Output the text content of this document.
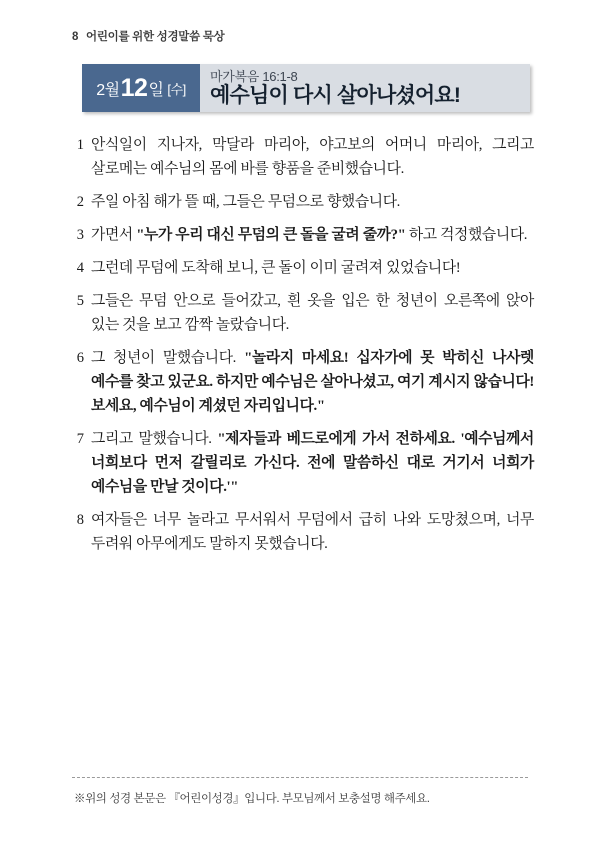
8 어린이를 위한 성경말씀 묵상
2월 12 일 [수]
마가복음 16:1-8
예수님이 다시 살아나셨어요!
1 안식일이 지나자, 막달라 마리아, 야고보의 어머니 마리아, 그리고 살로메는 예수님의 몸에 바를 향품을 준비했습니다.
2 주일 아침 해가 뜰 때, 그들은 무덤으로 향했습니다.
3 가면서 "누가 우리 대신 무덤의 큰 돌을 굴려 줄까?" 하고 걱정했습니다.
4 그런데 무덤에 도착해 보니, 큰 돌이 이미 굴려져 있었습니다!
5 그들은 무덤 안으로 들어갔고, 흰 옷을 입은 한 청년이 오른쪽에 앉아 있는 것을 보고 깜짝 놀랐습니다.
6 그 청년이 말했습니다. "놀라지 마세요! 십자가에 못 박히신 나사렛 예수를 찾고 있군요. 하지만 예수님은 살아나셨고, 여기 계시지 않습니다! 보세요, 예수님이 계셨던 자리입니다."
7 그리고 말했습니다. "제자들과 베드로에게 가서 전하세요. '예수님께서 너희보다 먼저 갈릴리로 가신다. 전에 말씀하신 대로 거기서 너희가 예수님을 만날 것이다.'"
8 여자들은 너무 놀라고 무서워서 무덤에서 급히 나와 도망쳤으며, 너무 두려워 아무에게도 말하지 못했습니다.
※위의 성경 본문은 『어린이성경』입니다. 부모님께서 보충설명 해주세요.
